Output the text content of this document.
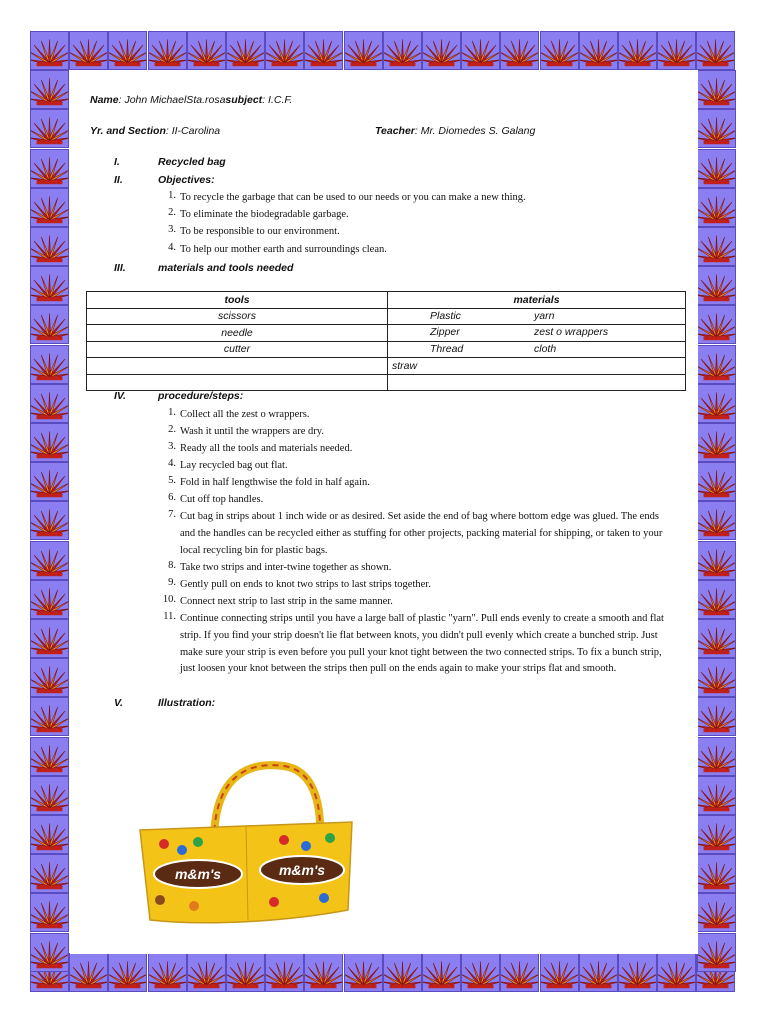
Name: John MichaelSta.rosasubject: I.C.F.
Yr. and Section: II-Carolina	Teacher: Mr. Diomedes S. Galang
I.	Recycled bag
II.	Objectives:
1. To recycle the garbage that can be used to our needs or you can make a new thing.
2. To eliminate the biodegradable garbage.
3. To be responsible to our environment.
4. To help our mother earth and surroundings clean.
III.	materials and tools needed
tools	materials
scissors	Plastic yarn

needle	Zipper zest o wrappers

cutter	Thread cloth

	straw

IV.	procedure/steps:
1. Collect all the zest o wrappers.
2. Wash it until the wrappers are dry.
3. Ready all the tools and materials needed.
4. Lay recycled bag out flat.
5. Fold in half lengthwise the fold in half again.
6. Cut off top handles.
7. Cut bag in strips about 1 inch wide or as desired. Set aside the end of bag where bottom edge was glued. The ends and the handles can be recycled either as stuffing for other projects, packing material for shipping, or taken to your local recycling bin for plastic bags.
8. Take two strips and inter-twine together as shown.
9. Gently pull on ends to knot two strips to last strips together.
10. Connect next strip to last strip in the same manner.
11. Continue connecting strips until you have a large ball of plastic "yarn". Pull ends evenly to create a smooth and flat strip. If you find your strip doesn't lie flat between knots, you didn't pull evenly which create a bunched strip. Just make sure your strip is even before you pull your knot tight between the two connected strips. To fix a bunch strip, just loosen your knot between the strips then pull on the ends again to make your strips flat and smooth.
V.	Illustration:
m&m's	m&m's
